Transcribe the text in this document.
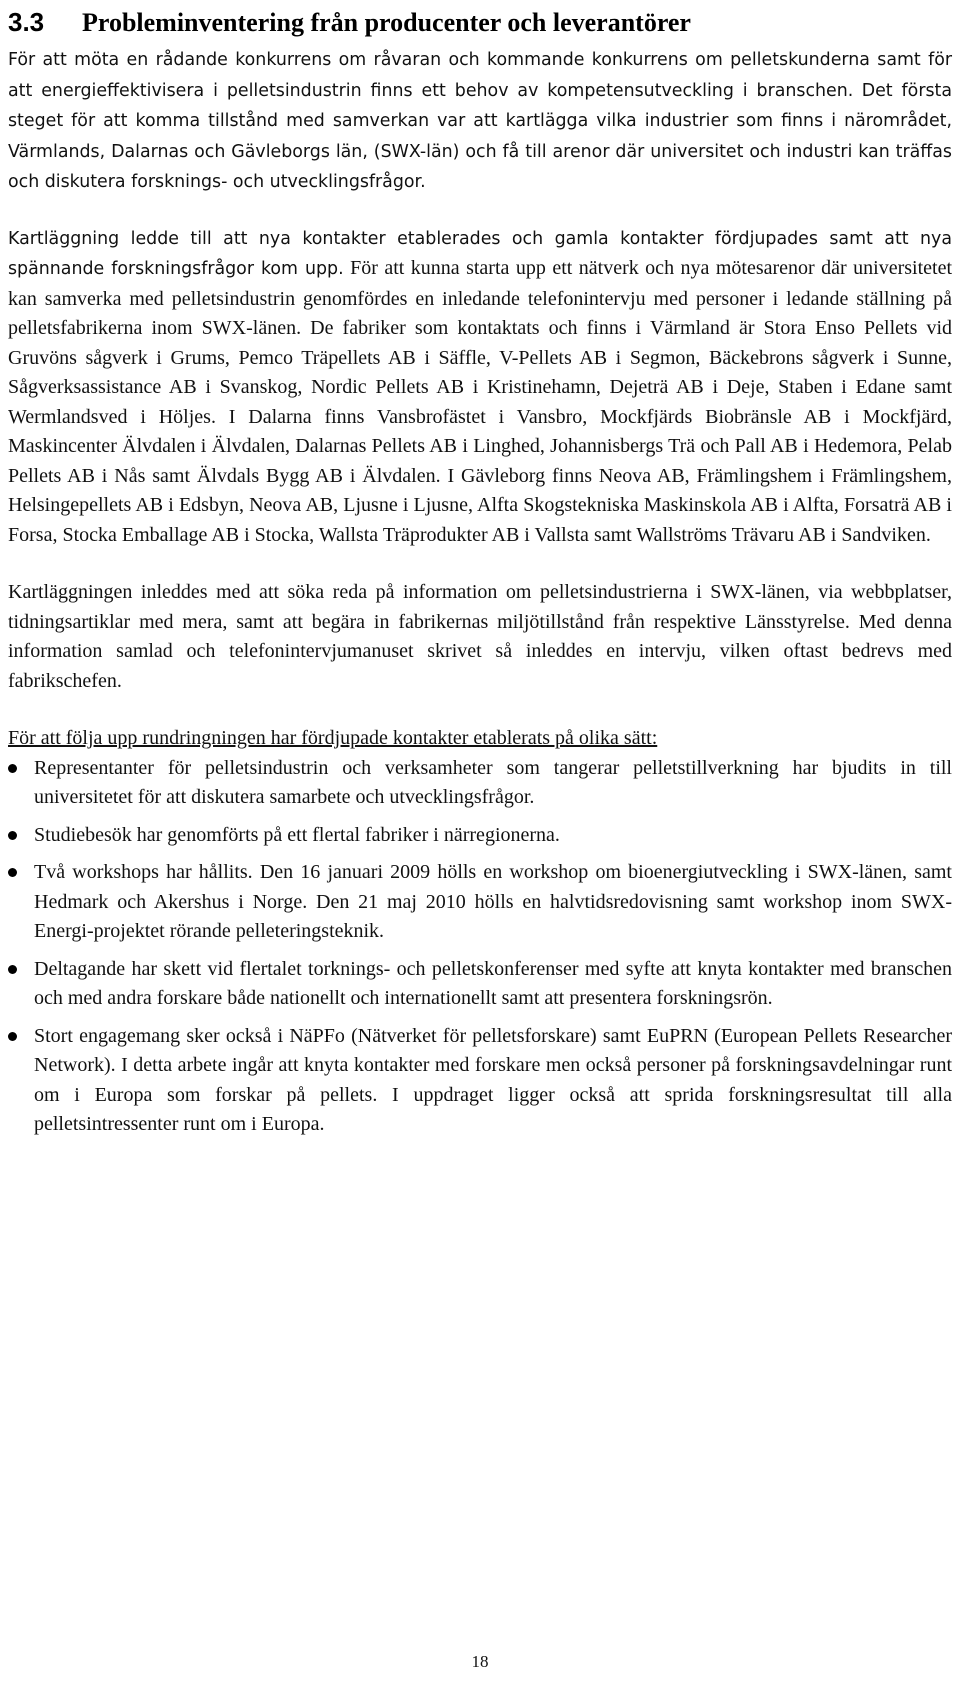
3.3	Probleminventering från producenter och leverantörer

För att möta en rådande konkurrens om råvaran och kommande konkurrens om pelletskunderna samt för att energieffektivisera i pelletsindustrin finns ett behov av kompetensutveckling i branschen. Det första steget för att komma tillstånd med samverkan var att kartlägga vilka industrier som finns i närområdet, Värmlands, Dalarnas och Gävleborgs län, (SWX-län) och få till arenor där universitet och industri kan träffas och diskutera forsknings- och utvecklingsfrågor.

Kartläggning ledde till att nya kontakter etablerades och gamla kontakter fördjupades samt att nya spännande forskningsfrågor kom upp. För att kunna starta upp ett nätverk och nya mötesarenor där universitetet kan samverka med pelletsindustrin genomfördes en inledande telefonintervju med personer i ledande ställning på pelletsfabrikerna inom SWX-länen. De fabriker som kontaktats och finns i Värmland är Stora Enso Pellets vid Gruvöns sågverk i Grums, Pemco Träpellets AB i Säffle, V-Pellets AB i Segmon, Bäckebrons sågverk i Sunne, Sågverksassistance AB i Svanskog, Nordic Pellets AB i Kristinehamn, Dejeträ AB i Deje, Staben i Edane samt Wermlandsved i Höljes. I Dalarna finns Vansbrofästet i Vansbro, Mockfjärds Biobränsle AB i Mockfjärd, Maskincenter Älvdalen i Älvdalen, Dalarnas Pellets AB i Linghed, Johannisbergs Trä och Pall AB i Hedemora, Pelab Pellets AB i Nås samt Älvdals Bygg AB i Älvdalen. I Gävleborg finns Neova AB, Främlingshem i Främlingshem, Helsingepellets AB i Edsbyn, Neova AB, Ljusne i Ljusne, Alfta Skogstekniska Maskinskola AB i Alfta, Forsaträ AB i Forsa, Stocka Emballage AB i Stocka, Wallsta Träprodukter AB i Vallsta samt Wallströms Trävaru AB i Sandviken.

Kartläggningen inleddes med att söka reda på information om pelletsindustrierna i SWX-länen, via webbplatser, tidningsartiklar med mera, samt att begära in fabrikernas miljötillstånd från respektive Länsstyrelse. Med denna information samlad och telefonintervjumanuset skrivet så inleddes en intervju, vilken oftast bedrevs med fabrikschefen.

För att följa upp rundringningen har fördjupade kontakter etablerats på olika sätt:

Representanter för pelletsindustrin och verksamheter som tangerar pelletstillverkning har bjudits in till universitetet för att diskutera samarbete och utvecklingsfrågor.
Studiebesök har genomförts på ett flertal fabriker i närregionerna.
Två workshops har hållits. Den 16 januari 2009 hölls en workshop om bioenergiutveckling i SWX-länen, samt Hedmark och Akershus i Norge. Den 21 maj 2010 hölls en halvtidsredovisning samt workshop inom SWX-Energi-projektet rörande pelleteringsteknik.
Deltagande har skett vid flertalet torknings- och pelletskonferenser med syfte att knyta kontakter med branschen och med andra forskare både nationellt och internationellt samt att presentera forskningsrön.
Stort engagemang sker också i NäPFo (Nätverket för pelletsforskare) samt EuPRN (European Pellets Researcher Network). I detta arbete ingår att knyta kontakter med forskare men också personer på forskningsavdelningar runt om i Europa som forskar på pellets. I uppdraget ligger också att sprida forskningsresultat till alla pelletsintressenter runt om i Europa.
18
